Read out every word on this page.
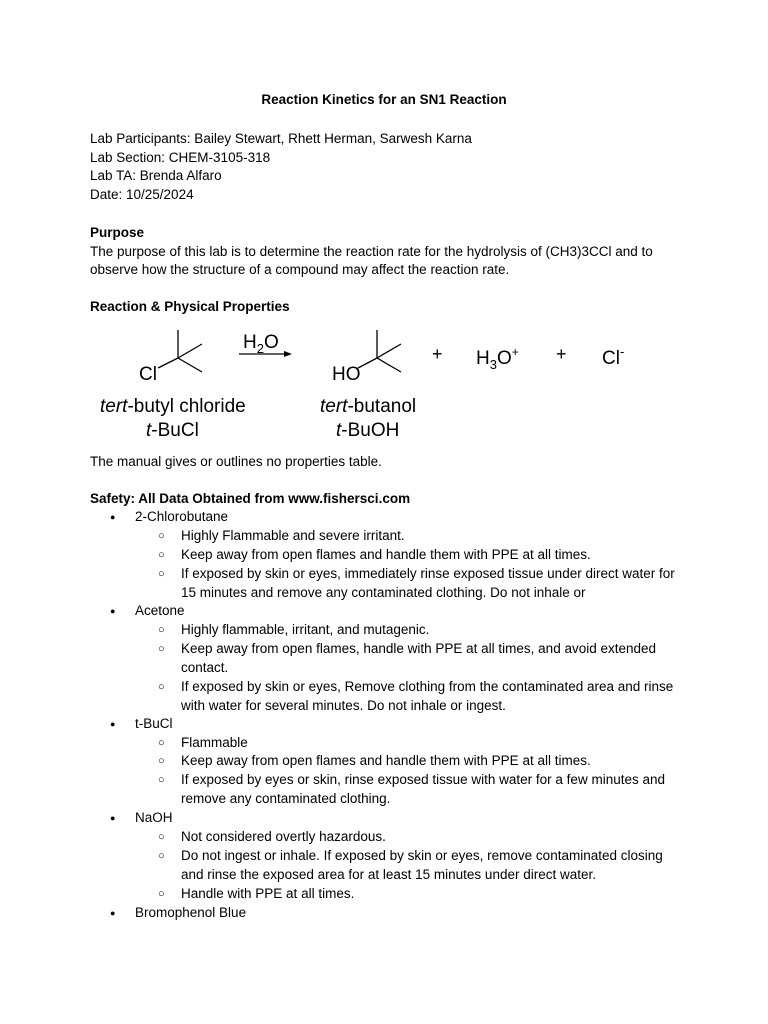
Reaction Kinetics for an SN1 Reaction
Lab Participants: Bailey Stewart, Rhett Herman, Sarwesh Karna
Lab Section: CHEM-3105-318
Lab TA: Brenda Alfaro
Date: 10/25/2024
Purpose
The purpose of this lab is to determine the reaction rate for the hydrolysis of (CH3)3CCl and to observe how the structure of a compound may affect the reaction rate.
Reaction & Physical Properties
Cl
$H_2O$
HO
+ $H_3O^+ + Cl^-$
tert-butyl chloride
t-BuCl
tert-butanol
t-BuOH
The manual gives or outlines no properties table.
Safety: All Data Obtained from www.fishersci.com
2-Chlorobutane
○ Highly Flammable and severe irritant.
○ Keep away from open flames and handle them with PPE at all times.
○ If exposed by skin or eyes, immediately rinse exposed tissue under direct water for 15 minutes and remove any contaminated clothing. Do not inhale or
Acetone
○ Highly flammable, irritant, and mutagenic.
○ Keep away from open flames, handle with PPE at all times, and avoid extended contact.
○ If exposed by skin or eyes, Remove clothing from the contaminated area and rinse with water for several minutes. Do not inhale or ingest.
t-BuCl
○ Flammable
○ Keep away from open flames and handle them with PPE at all times.
○ If exposed by eyes or skin, rinse exposed tissue with water for a few minutes and remove any contaminated clothing.
NaOH
○ Not considered overtly hazardous.
○ Do not ingest or inhale. If exposed by skin or eyes, remove contaminated closing and rinse the exposed area for at least 15 minutes under direct water.
○ Handle with PPE at all times.
Bromophenol Blue
